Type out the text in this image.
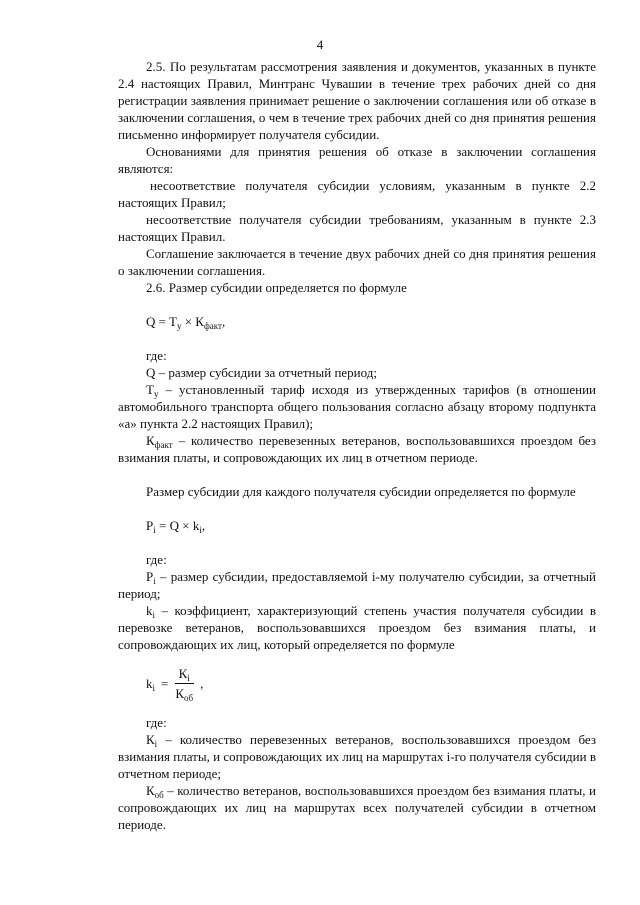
4

2.5. По результатам рассмотрения заявления и документов, указанных в пункте 2.4 настоящих Правил, Минтранс Чувашии в течение трех рабочих дней со дня регистрации заявления принимает решение о заключении соглашения или об отказе в заключении соглашения, о чем в течение трех рабочих дней со дня принятия решения письменно информирует получателя субсидии.

Основаниями для принятия решения об отказе в заключении соглашения являются:

несоответствие получателя субсидии условиям, указанным в пункте 2.2 настоящих Правил;

несоответствие получателя субсидии требованиям, указанным в пункте 2.3 настоящих Правил.

Соглашение заключается в течение двух рабочих дней со дня принятия решения о заключении соглашения.

2.6. Размер субсидии определяется по формуле

$Q = T_у \times К_{факт}$,

где:

Q – размер субсидии за отчетный период;

$T_у$ – установленный тариф исходя из утвержденных тарифов (в отношении автомобильного транспорта общего пользования согласно абзацу второму подпункта «а» пункта 2.2 настоящих Правил);

$К_{факт}$ – количество перевезенных ветеранов, воспользовавшихся проездом без взимания платы, и сопровождающих их лиц в отчетном периоде.

Размер субсидии для каждого получателя субсидии определяется по формуле

$P_i = Q \times k_i$,

где:

$P_i$ – размер субсидии, предоставляемой i-му получателю субсидии, за отчетный период;

$k_i$ – коэффициент, характеризующий степень участия получателя субсидии в перевозке ветеранов, воспользовавшихся проездом без взимания платы, и сопровождающих их лиц, который определяется по формуле

$k_i = \frac{К_i}{К_{об}}$ ,

где:

$К_i$ – количество перевезенных ветеранов, воспользовавшихся проездом без взимания платы, и сопровождающих их лиц на маршрутах i-го получателя субсидии в отчетном периоде;

$К_{об}$ – количество ветеранов, воспользовавшихся проездом без взимания платы, и сопровождающих их лиц на маршрутах всех получателей субсидии в отчетном периоде.
